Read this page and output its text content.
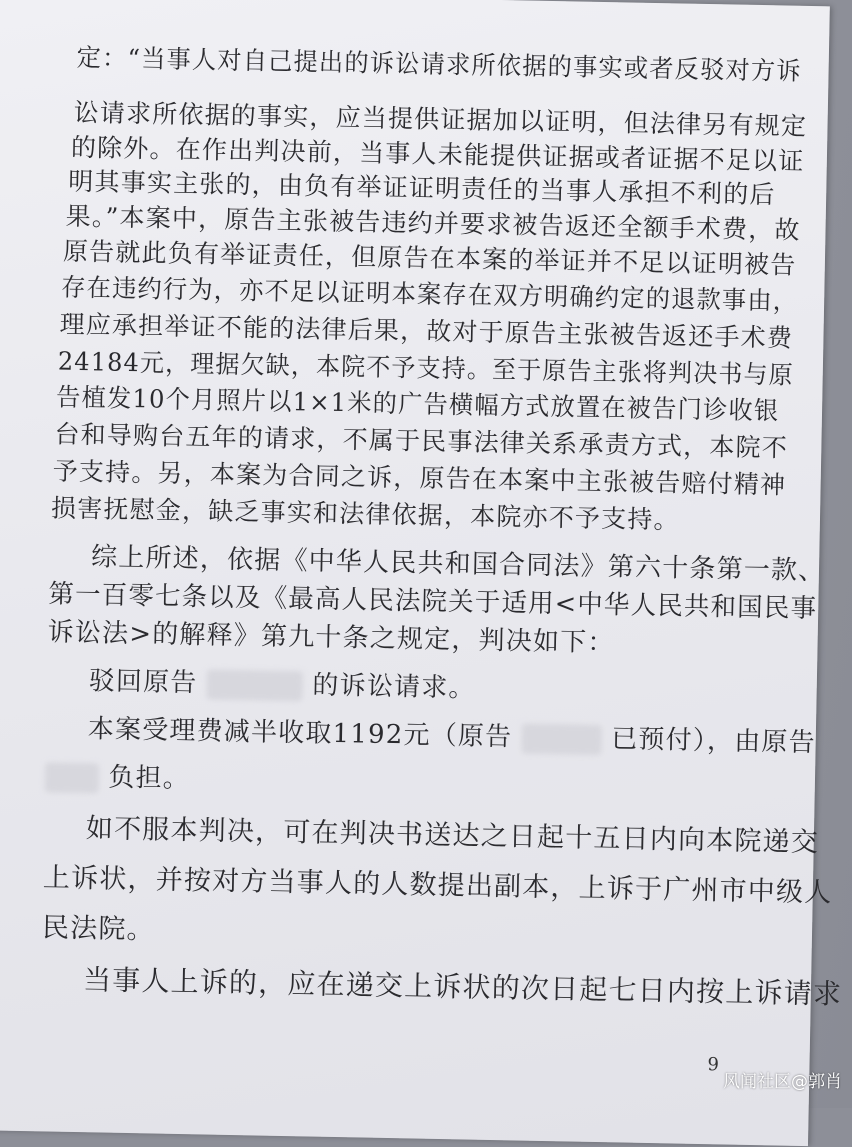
定：“当事人对自己提出的诉讼请求所依据的事实或者反驳对方诉
讼请求所依据的事实，应当提供证据加以证明，但法律另有规定
的除外。在作出判决前，当事人未能提供证据或者证据不足以证
明其事实主张的，由负有举证证明责任的当事人承担不利的后
果。”本案中，原告主张被告违约并要求被告返还全额手术费，故
原告就此负有举证责任，但原告在本案的举证并不足以证明被告
存在违约行为，亦不足以证明本案存在双方明确约定的退款事由，
理应承担举证不能的法律后果，故对于原告主张被告返还手术费
24184元，理据欠缺，本院不予支持。至于原告主张将判决书与原
告植发10个月照片以1×1米的广告横幅方式放置在被告门诊收银
台和导购台五年的请求，不属于民事法律关系承责方式，本院不
予支持。另，本案为合同之诉，原告在本案中主张被告赔付精神
损害抚慰金，缺乏事实和法律依据，本院亦不予支持。
综上所述，依据《中华人民共和国合同法》第六十条第一款、
第一百零七条以及《最高人民法院关于适用<中华人民共和国民事
诉讼法>的解释》第九十条之规定，判决如下：
驳回原告	的诉讼请求。
本案受理费减半收取1192元（原告	已预付），由原告
负担。
如不服本判决，可在判决书送达之日起十五日内向本院递交
上诉状，并按对方当事人的人数提出副本，上诉于广州市中级人
民法院。
当事人上诉的，应在递交上诉状的次日起七日内按上诉请求
9
风闻社区@郭肖
